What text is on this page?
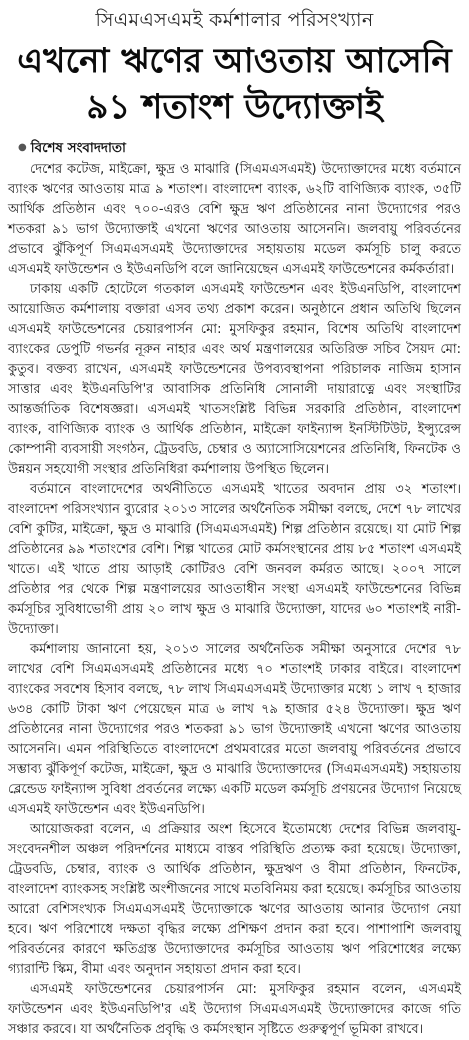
সিএমএসএমই কর্মশালার পরিসংখ্যান
এখনো ঋণের আওতায় আসেনি
৯১ শতাংশ উদ্যোক্তাই
● বিশেষ সংবাদদাতা

দেশের কটেজ, মাইক্রো, ক্ষুদ্র ও মাঝারি (সিএমএসএমই) উদ্যোক্তাদের মধ্যে বর্তমানে ব্যাংক ঋণের আওতায় মাত্র ৯ শতাংশ। বাংলাদেশ ব্যাংক, ৬২টি বাণিজ্যিক ব্যাংক, ৩৫টি আর্থিক প্রতিষ্ঠান এবং ৭০০-এরও বেশি ক্ষুদ্র ঋণ প্রতিষ্ঠানের নানা উদ্যোগের পরও শতকরা ৯১ ভাগ উদ্যোক্তাই এখনো ঋণের আওতায় আসেননি। জলবায়ু পরিবর্তনের প্রভাবে ঝুঁকিপূর্ণ সিএমএসএমই উদ্যোক্তাদের সহায়তায় মডেল কর্মসূচি চালু করতে এসএমই ফাউন্ডেশন ও ইউএনডিপি বলে জানিয়েছেন এসএমই ফাউন্ডেশনের কর্মকর্তারা।

ঢাকায় একটি হোটেলে গতকাল এসএমই ফাউন্ডেশন এবং ইউএনডিপি, বাংলাদেশ আয়োজিত কর্মশালায় বক্তারা এসব তথ্য প্রকাশ করেন। অনুষ্ঠানে প্রধান অতিথি ছিলেন এসএমই ফাউন্ডেশনের চেয়ারপার্সন মো: মুসফিকুর রহমান, বিশেষ অতিথি বাংলাদেশ ব্যাংকের ডেপুটি গভর্নর নূরুন নাহার এবং অর্থ মন্ত্রণালয়ের অতিরিক্ত সচিব সৈয়দ মো: কুতুব। বক্তব্য রাখেন, এসএমই ফাউন্ডেশনের উপব্যবস্থাপনা পরিচালক নাজিম হাসান সাত্তার এবং ইউএনডিপি'র আবাসিক প্রতিনিধি সোনালী দায়ারাত্নে এবং সংস্থাটির আন্তর্জাতিক বিশেষজ্ঞরা। এসএমই খাতসংশ্লিষ্ট বিভিন্ন সরকারি প্রতিষ্ঠান, বাংলাদেশ ব্যাংক, বাণিজ্যিক ব্যাংক ও আর্থিক প্রতিষ্ঠান, মাইক্রো ফাইন্যান্স ইনস্টিটিউট, ইন্স্যুরেন্স কোম্পানী ব্যবসায়ী সংগঠন, ট্রেডবডি, চেম্বার ও অ্যাসোসিয়েশনের প্রতিনিধি, ফিনটেক ও উন্নয়ন সহযোগী সংস্থার প্রতিনিধিরা কর্মশালায় উপস্থিত ছিলেন।

বর্তমানে বাংলাদেশের অর্থনীতিতে এসএমই খাতের অবদান প্রায় ৩২ শতাংশ। বাংলাদেশ পরিসংখ্যান ব্যুরোর ২০১৩ সালের অর্থনৈতিক সমীক্ষা বলছে, দেশে ৭৮ লাখের বেশি কুটির, মাইক্রো, ক্ষুদ্র ও মাঝারি (সিএমএসএমই) শিল্প প্রতিষ্ঠান রয়েছে। যা মোট শিল্প প্রতিষ্ঠানের ৯৯ শতাংশের বেশি। শিল্প খাতের মোট কর্মসংস্থানের প্রায় ৮৫ শতাংশ এসএমই খাতে। এই খাতে প্রায় আড়াই কোটিরও বেশি জনবল কর্মরত আছে। ২০০৭ সালে প্রতিষ্ঠার পর থেকে শিল্প মন্ত্রণালয়ের আওতাধীন সংস্থা এসএমই ফাউন্ডেশনের বিভিন্ন কর্মসূচির সুবিধাভোগী প্রায় ২০ লাখ ক্ষুদ্র ও মাঝারি উদ্যোক্তা, যাদের ৬০ শতাংশই নারী-উদ্যোক্তা।

কর্মশালায় জানানো হয়, ২০১৩ সালের অর্থনৈতিক সমীক্ষা অনুসারে দেশের ৭৮ লাখের বেশি সিএমএসএমই প্রতিষ্ঠানের মধ্যে ৭০ শতাংশই ঢাকার বাইরে। বাংলাদেশ ব্যাংকের সবশেষ হিসাব বলছে, ৭৮ লাখ সিএমএসএমই উদ্যোক্তার মধ্যে ১ লাখ ৭ হাজার ৬৩৪ কোটি টাকা ঋণ পেয়েছেন মাত্র ৬ লাখ ৭৯ হাজার ৫২৪ উদ্যোক্তা। ক্ষুদ্র ঋণ প্রতিষ্ঠানের নানা উদ্যোগের পরও শতকরা ৯১ ভাগ উদ্যোক্তাই এখনো ঋণের আওতায় আসেননি। এমন পরিস্থিতিতে বাংলাদেশে প্রথমবারের মতো জলবায়ু পরিবর্তনের প্রভাবে সম্ভাব্য ঝুঁকিপূর্ণ কটেজ, মাইক্রো, ক্ষুদ্র ও মাঝারি উদ্যোক্তাদের (সিএমএসএমই) সহায়তায় ব্লেন্ডেড ফাইন্যান্স সুবিধা প্রবর্তনের লক্ষ্যে একটি মডেল কর্মসূচি প্রণয়নের উদ্যোগ নিয়েছে এসএমই ফাউন্ডেশন এবং ইউএনডিপি।

আয়োজকরা বলেন, এ প্রক্রিয়ার অংশ হিসেবে ইতোমধ্যে দেশের বিভিন্ন জলবায়ু-সংবেদনশীল অঞ্চল পরিদর্শনের মাধ্যমে বাস্তব পরিস্থিতি প্রত্যক্ষ করা হয়েছে। উদ্যোক্তা, ট্রেডবডি, চেম্বার, ব্যাংক ও আর্থিক প্রতিষ্ঠান, ক্ষুদ্রঋণ ও বীমা প্রতিষ্ঠান, ফিনটেক, বাংলাদেশ ব্যাংকসহ সংশ্লিষ্ট অংশীজনের সাথে মতবিনিময় করা হয়েছে। কর্মসূচির আওতায় আরো বেশিসংখ্যক সিএমএসএমই উদ্যোক্তাকে ঋণের আওতায় আনার উদ্যোগ নেয়া হবে। ঋণ পরিশোধে দক্ষতা বৃদ্ধির লক্ষ্যে প্রশিক্ষণ প্রদান করা হবে। পাশাপাশি জলবায়ু পরিবর্তনের কারণে ক্ষতিগ্রস্ত উদ্যোক্তাদের কর্মসূচির আওতায় ঋণ পরিশোধের লক্ষ্যে গ্যারান্টি স্কিম, বীমা এবং অনুদান সহায়তা প্রদান করা হবে।

এসএমই ফাউন্ডেশনের চেয়ারপার্সন মো: মুসফিকুর রহমান বলেন, এসএমই ফাউন্ডেশন এবং ইউএনডিপি'র এই উদ্যোগ সিএমএসএমই উদ্যোক্তাদের কাজে গতি সঞ্চার করবে। যা অর্থনৈতিক প্রবৃদ্ধি ও কর্মসংস্থান সৃষ্টিতে গুরুত্বপূর্ণ ভূমিকা রাখবে।
